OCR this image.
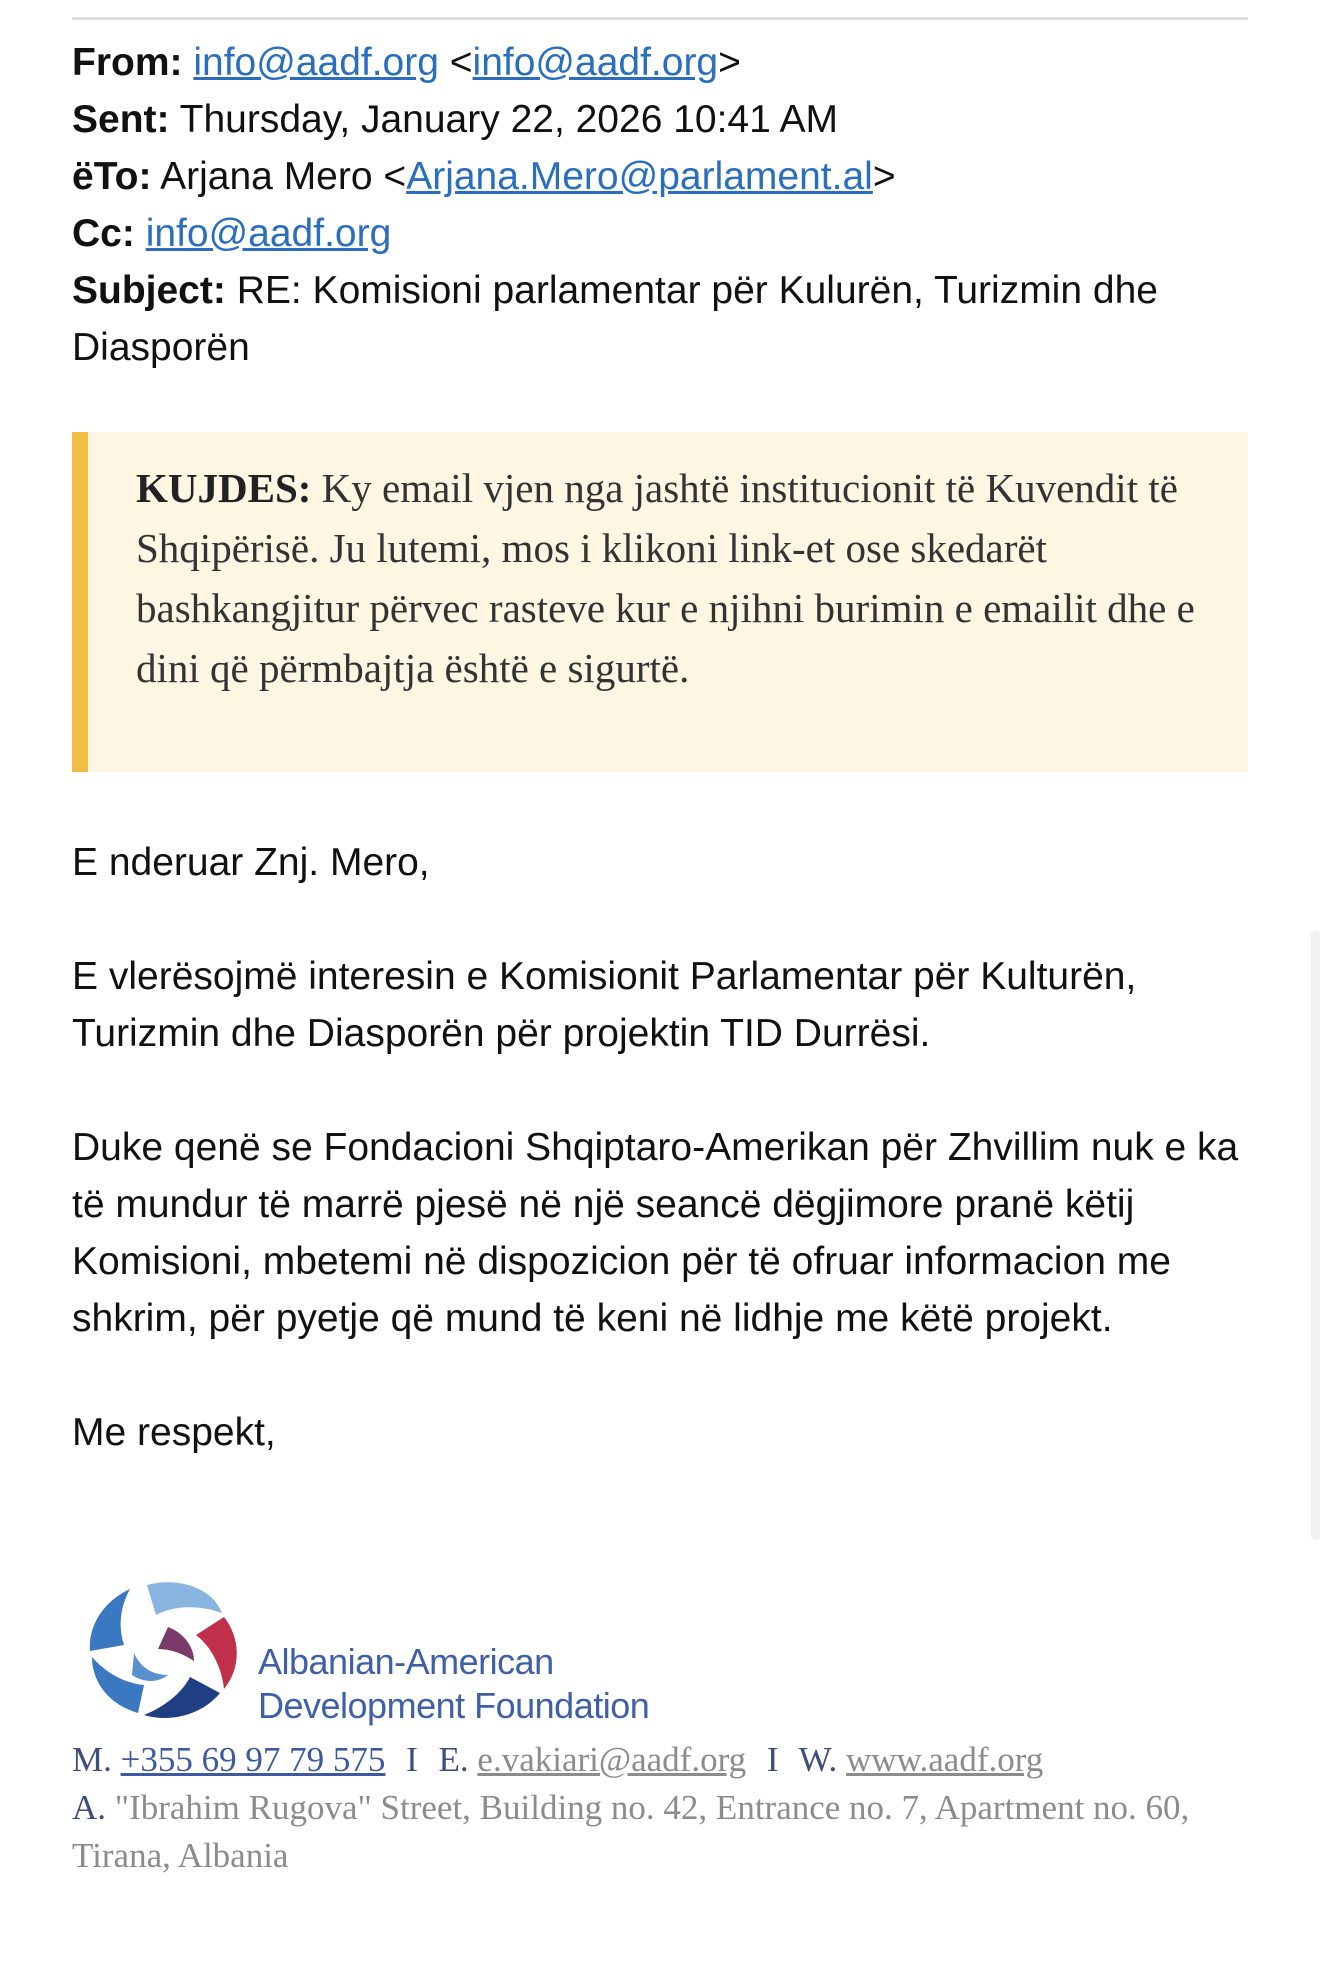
From: info@aadf.org <info@aadf.org>
Sent: Thursday, January 22, 2026 10:41 AM
ëTo: Arjana Mero <Arjana.Mero@parlament.al>
Cc: info@aadf.org
Subject: RE: Komisioni parlamentar për Kulurën, Turizmin dhe Diasporën
KUJDES: Ky email vjen nga jashtë institucionit të Kuvendit të Shqipërisë. Ju lutemi, mos i klikoni link-et ose skedarët bashkangjitur përvec rasteve kur e njihni burimin e emailit dhe e dini që përmbajtja është e sigurtë.

E nderuar Znj. Mero,

E vlerësojmë interesin e Komisionit Parlamentar për Kulturën, Turizmin dhe Diasporën për projektin TID Durrësi.

Duke qenë se Fondacioni Shqiptaro-Amerikan për Zhvillim nuk e ka të mundur të marrë pjesë në një seancë dëgjimore pranë këtij Komisioni, mbetemi në dispozicion për të ofruar informacion me shkrim, për pyetje që mund të keni në lidhje me këtë projekt.

Me respekt,

Albanian-American
Development Foundation
M. +355 69 97 79 575 I E. e.vakiari@aadf.org I W. www.aadf.org
A. "Ibrahim Rugova" Street, Building no. 42, Entrance no. 7, Apartment no. 60, Tirana, Albania
